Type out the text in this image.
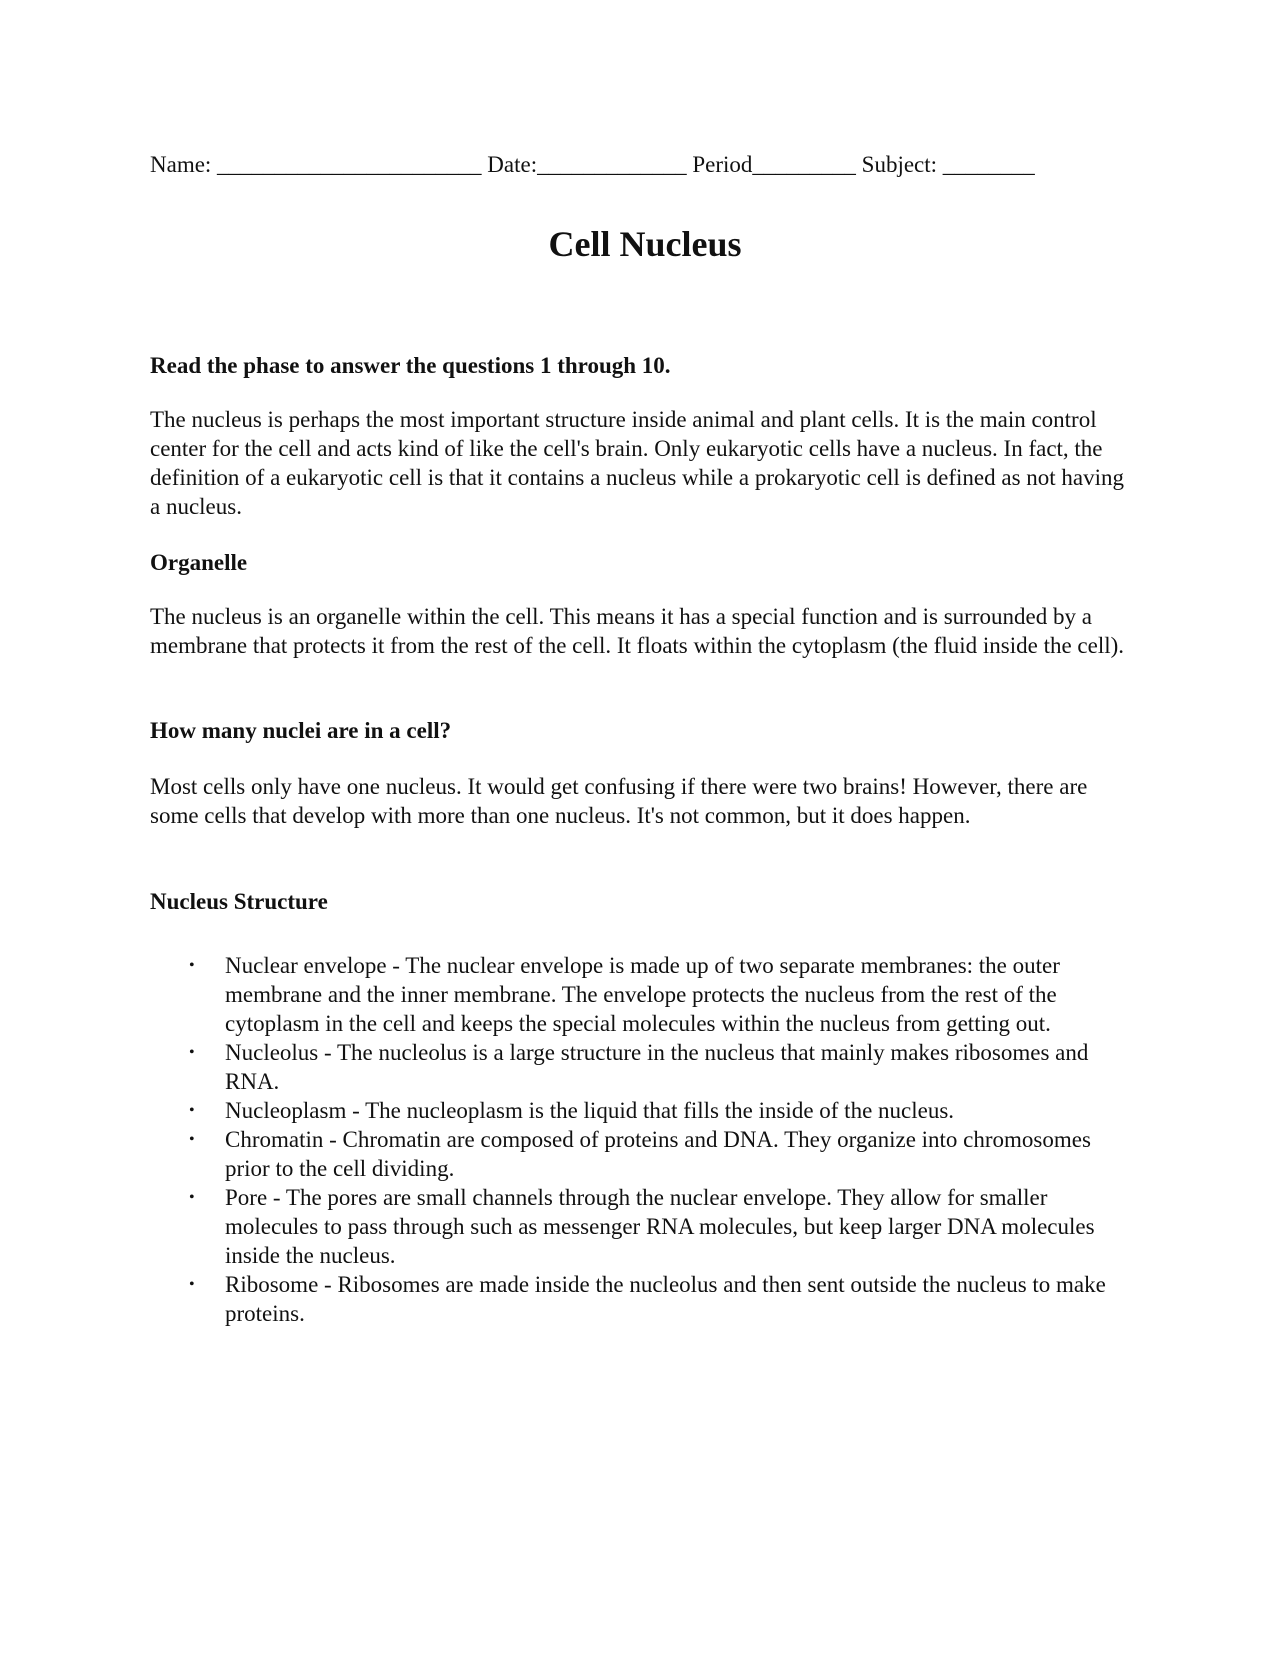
Name: _______________________ Date:_____________ Period_________ Subject: ________
Cell Nucleus

Read the phase to answer the questions 1 through 10.

The nucleus is perhaps the most important structure inside animal and plant cells. It is the main control center for the cell and acts kind of like the cell's brain. Only eukaryotic cells have a nucleus. In fact, the definition of a eukaryotic cell is that it contains a nucleus while a prokaryotic cell is defined as not having a nucleus.

Organelle

The nucleus is an organelle within the cell. This means it has a special function and is surrounded by a membrane that protects it from the rest of the cell. It floats within the cytoplasm (the fluid inside the cell).

How many nuclei are in a cell?

Most cells only have one nucleus. It would get confusing if there were two brains! However, there are some cells that develop with more than one nucleus. It's not common, but it does happen.

Nucleus Structure

• Nuclear envelope - The nuclear envelope is made up of two separate membranes: the outer membrane and the inner membrane. The envelope protects the nucleus from the rest of the cytoplasm in the cell and keeps the special molecules within the nucleus from getting out.
• Nucleolus - The nucleolus is a large structure in the nucleus that mainly makes ribosomes and RNA.
• Nucleoplasm - The nucleoplasm is the liquid that fills the inside of the nucleus.
• Chromatin - Chromatin are composed of proteins and DNA. They organize into chromosomes prior to the cell dividing.
• Pore - The pores are small channels through the nuclear envelope. They allow for smaller molecules to pass through such as messenger RNA molecules, but keep larger DNA molecules inside the nucleus.
• Ribosome - Ribosomes are made inside the nucleolus and then sent outside the nucleus to make proteins.
